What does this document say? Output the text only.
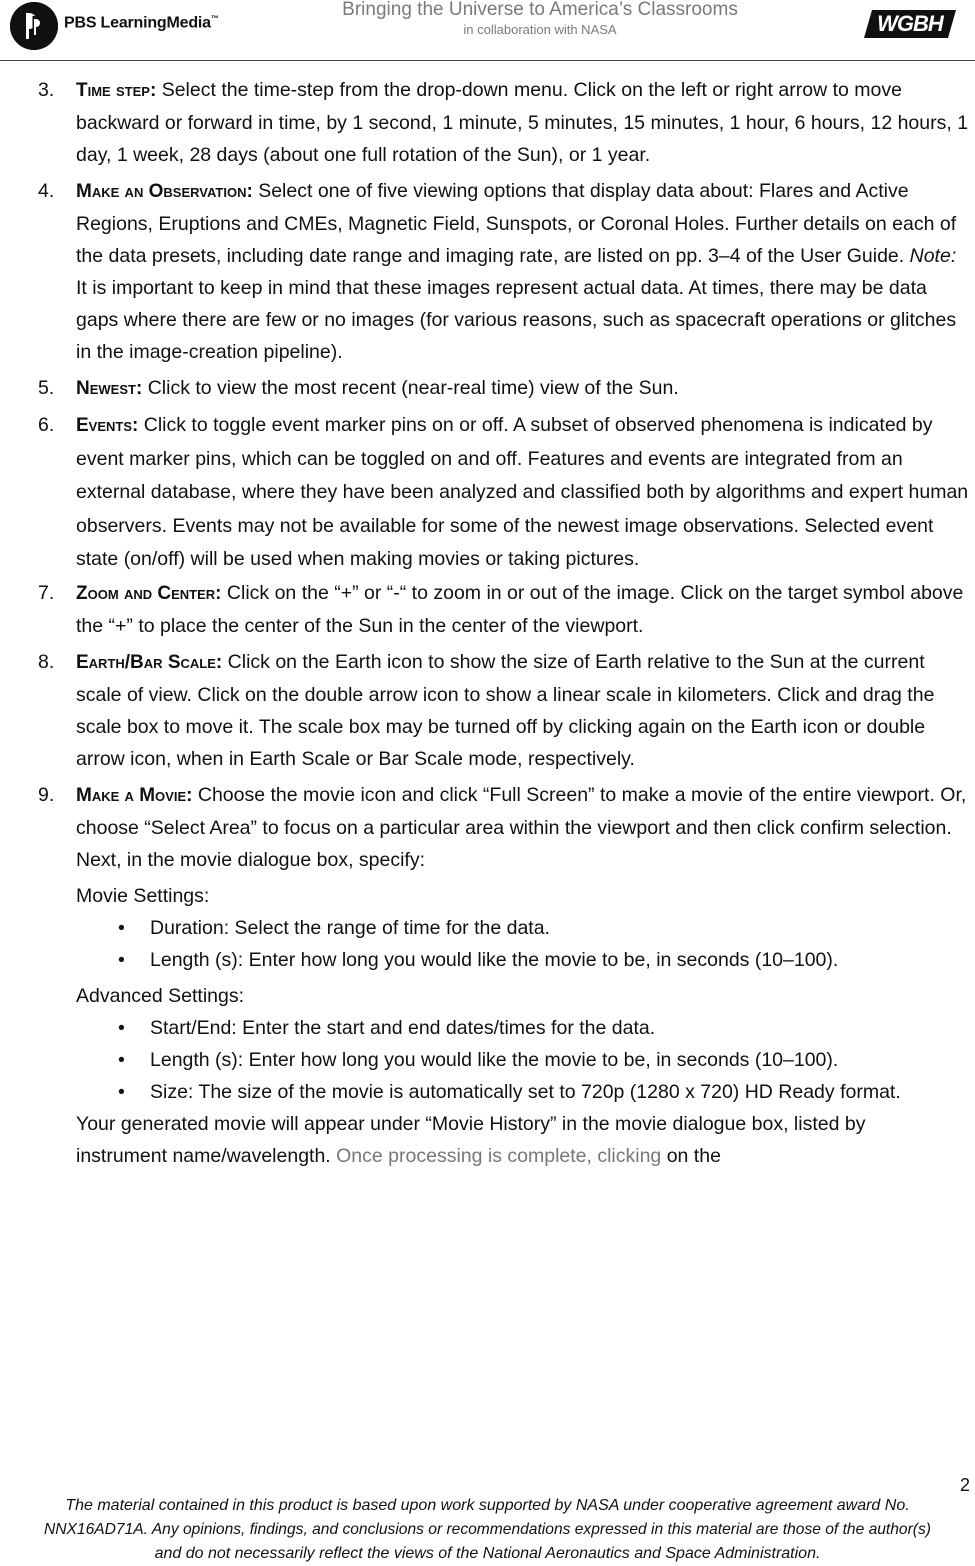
PBS LearningMedia™	Bringing the Universe to America’s Classrooms
in collaboration with NASA	WGBH
3. Time step: Select the time-step from the drop-down menu. Click on the left or right arrow to move backward or forward in time, by 1 second, 1 minute, 5 minutes, 15 minutes, 1 hour, 6 hours, 12 hours, 1 day, 1 week, 28 days (about one full rotation of the Sun), or 1 year.
4. Make an Observation: Select one of five viewing options that display data about: Flares and Active Regions, Eruptions and CMEs, Magnetic Field, Sunspots, or Coronal Holes. Further details on each of the data presets, including date range and imaging rate, are listed on pp. 3–4 of the User Guide. Note: It is important to keep in mind that these images represent actual data. At times, there may be data gaps where there are few or no images (for various reasons, such as spacecraft operations or glitches in the image-creation pipeline).
5. Newest: Click to view the most recent (near-real time) view of the Sun.
6. Events: Click to toggle event marker pins on or off. A subset of observed phenomena is indicated by event marker pins, which can be toggled on and off. Features and events are integrated from an external database, where they have been analyzed and classified both by algorithms and expert human observers. Events may not be available for some of the newest image observations. Selected event state (on/off) will be used when making movies or taking pictures.
7. Zoom and Center: Click on the “+” or “-“ to zoom in or out of the image. Click on the target symbol above the “+” to place the center of the Sun in the center of the viewport.
8. Earth/Bar Scale: Click on the Earth icon to show the size of Earth relative to the Sun at the current scale of view. Click on the double arrow icon to show a linear scale in kilometers. Click and drag the scale box to move it. The scale box may be turned off by clicking again on the Earth icon or double arrow icon, when in Earth Scale or Bar Scale mode, respectively.
9. Make a Movie: Choose the movie icon and click “Full Screen” to make a movie of the entire viewport. Or, choose “Select Area” to focus on a particular area within the viewport and then click confirm selection. Next, in the movie dialogue box, specify:
Movie Settings:
• Duration: Select the range of time for the data.
• Length (s): Enter how long you would like the movie to be, in seconds (10–100).
Advanced Settings:
• Start/End: Enter the start and end dates/times for the data.
• Length (s): Enter how long you would like the movie to be, in seconds (10–100).
• Size: The size of the movie is automatically set to 720p (1280 x 720) HD Ready format.
Your generated movie will appear under “Movie History” in the movie dialogue box, listed by instrument name/wavelength. Once processing is complete, clicking on the
2
The material contained in this product is based upon work supported by NASA under cooperative agreement award No.
NNX16AD71A. Any opinions, findings, and conclusions or recommendations expressed in this material are those of the author(s)
and do not necessarily reflect the views of the National Aeronautics and Space Administration.
